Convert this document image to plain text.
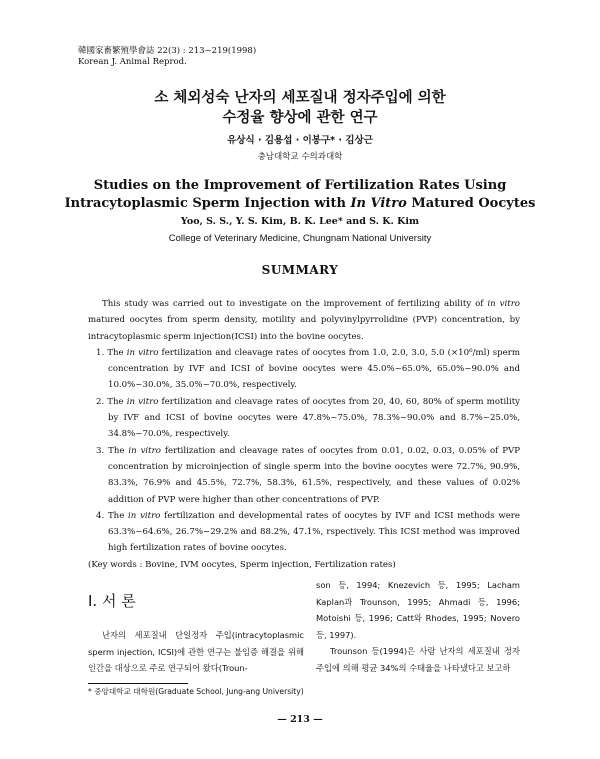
韓國家畜繁殖學會誌 22(3) : 213~219(1998)
Korean J. Animal Reprod.
소 체외성숙 난자의 세포질내 정자주입에 의한
수정율 향상에 관한 연구
유상식 · 김용섭 · 이봉구* · 김상근
충남대학교 수의과대학
Studies on the Improvement of Fertilization Rates Using
Intracytoplasmic Sperm Injection with In Vitro Matured Oocytes
Yoo, S. S., Y. S. Kim, B. K. Lee* and S. K. Kim
College of Veterinary Medicine, Chungnam National University
SUMMARY

This study was carried out to investigate on the improvement of fertilizing ability of in vitro matured oocytes from sperm density, motility and polyvinylpyrrolidine (PVP) concentration, by intracytoplasmic sperm injection(ICSI) into the bovine oocytes.

1. The in vitro fertilization and cleavage rates of oocytes from 1.0, 2.0, 3.0, 5.0 (×10⁶/ml) sperm concentration by IVF and ICSI of bovine oocytes were 45.0%~65.0%, 65.0%~90.0% and 10.0%~30.0%, 35.0%~70.0%, respectively.

2. The in vitro fertilization and cleavage rates of oocytes from 20, 40, 60, 80% of sperm motility by IVF and ICSI of bovine oocytes were 47.8%~75.0%, 78.3%~90.0% and 8.7%~25.0%, 34.8%~70.0%, respectively.

3. The in vitro fertilization and cleavage rates of oocytes from 0.01, 0.02, 0.03, 0.05% of PVP concentration by microinjection of single sperm into the bovine oocytes were 72.7%, 90.9%, 83.3%, 76.9% and 45.5%, 72.7%, 58.3%, 61.5%, respectively, and these values of 0.02% addition of PVP were higher than other concentrations of PVP.

4. The in vitro fertilization and developmental rates of oocytes by IVF and ICSI methods were 63.3%~64.6%, 26.7%~29.2% and 88.2%, 47.1%, rspectively. This ICSI method was improved high fertilization rates of bovine oocytes.

(Key words : Bovine, IVM oocytes, Sperm injection, Fertilization rates)

Ⅰ. 서 론

난자의 세포질내 단일정자 주입(intracytoplasmic sperm injection, ICSI)에 관한 연구는 불임증 해결을 위해 인간을 대상으로 주로 연구되어 왔다(Troun-

son 등, 1994; Knezevich 등, 1995; Lacham Kaplan과 Trounson, 1995; Ahmadi 등, 1996; Motoishi 등, 1996; Catt와 Rhodes, 1995; Novero 등, 1997).

Trounson 등(1994)은 사람 난자의 세포질내 정자 주입에 의해 평균 34%의 수태율을 나타냈다고 보고하

* 중앙대학교 대학원(Graduate School, Jung-ang University)
— 213 —
